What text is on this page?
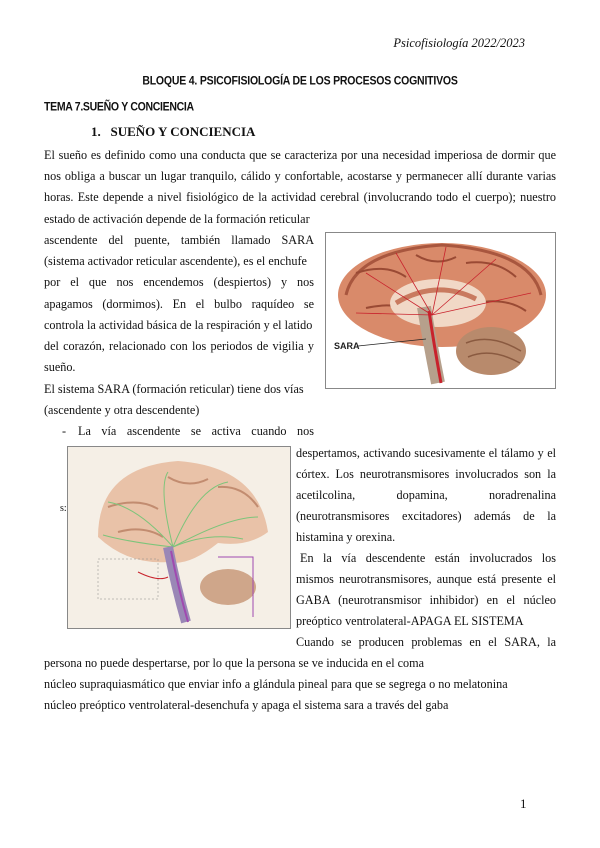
Psicofisiología 2022/2023
BLOQUE 4. PSICOFISIOLOGÍA DE LOS PROCESOS COGNITIVOS
TEMA 7.SUEÑO Y CONCIENCIA
1. SUEÑO Y CONCIENCIA
El sueño es definido como una conducta que se caracteriza por una necesidad imperiosa de dormir que
nos obliga a buscar un lugar tranquilo, cálido y confortable, acostarse y permanecer allí durante varias
horas. Este depende a nivel fisiológico de la actividad cerebral (involucrando todo el cuerpo); nuestro
estado de activación depende de la formación reticular
ascendente del puente, también llamado SARA
(sistema activador reticular ascendente), es el enchufe
por el que nos encendemos (despiertos) y nos
apagamos (dormimos). En el bulbo raquídeo se
controla la actividad básica de la respiración y el latido
del corazón, relacionado con los periodos de vigilia y
sueño.
El sistema SARA (formación reticular) tiene dos vías
(ascendente y otra descendente)
- La vía ascendente se activa cuando nos
despertamos, activando sucesivamente el tálamo y el
córtex. Los neurotransmisores involucrados son la
acetilcolina, dopamina, noradrenalina
(neurotransmisores excitadores) además de la
histamina y orexina.
En la vía descendente están involucrados los
mismos neurotransmisores, aunque está presente el
GABA (neurotransmisor inhibidor) en el núcleo
preóptico ventrolateral-APAGA EL SISTEMA
Cuando se producen problemas en el SARA, la
s:
persona no puede despertarse, por lo que la persona se ve inducida en el coma
núcleo supraquiasmático que enviar info a glándula pineal para que se segrega o no melatonina
núcleo preóptico ventrolateral-desenchufa y apaga el sistema sara a través del gaba
SARA
1
